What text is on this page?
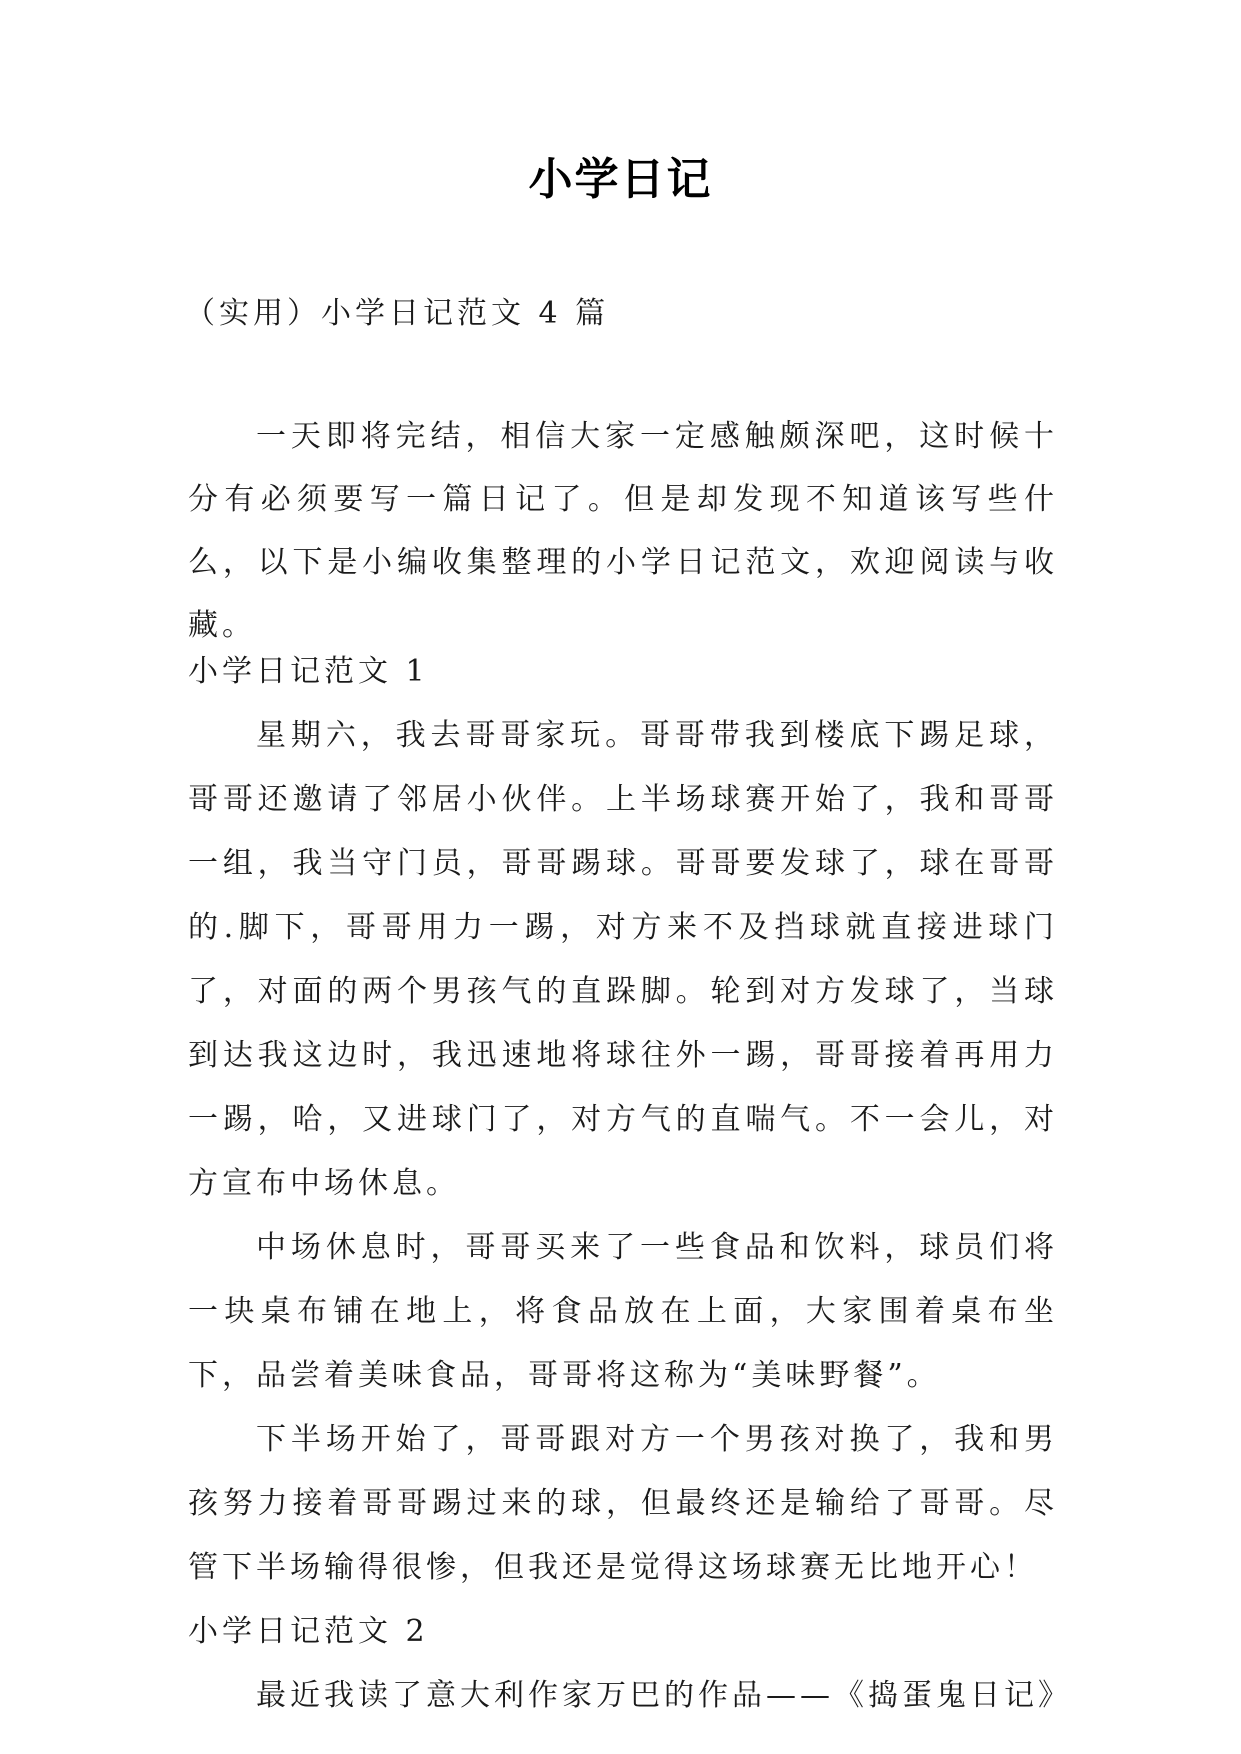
小学日记
（实用）小学日记范文 4 篇

一天即将完结，相信大家一定感触颇深吧，这时候十分有必须要写一篇日记了。但是却发现不知道该写些什么，以下是小编收集整理的小学日记范文，欢迎阅读与收藏。

小学日记范文 1

星期六，我去哥哥家玩。哥哥带我到楼底下踢足球，哥哥还邀请了邻居小伙伴。上半场球赛开始了，我和哥哥一组，我当守门员，哥哥踢球。哥哥要发球了，球在哥哥的.脚下，哥哥用力一踢，对方来不及挡球就直接进球门了，对面的两个男孩气的直跺脚。轮到对方发球了，当球到达我这边时，我迅速地将球往外一踢，哥哥接着再用力一踢，哈，又进球门了，对方气的直喘气。不一会儿，对方宣布中场休息。

中场休息时，哥哥买来了一些食品和饮料，球员们将一块桌布铺在地上，将食品放在上面，大家围着桌布坐下，品尝着美味食品，哥哥将这称为“美味野餐”。

下半场开始了，哥哥跟对方一个男孩对换了，我和男孩努力接着哥哥踢过来的球，但最终还是输给了哥哥。尽管下半场输得很惨，但我还是觉得这场球赛无比地开心！

小学日记范文 2

最近我读了意大利作家万巴的作品——《捣蛋鬼日记》
